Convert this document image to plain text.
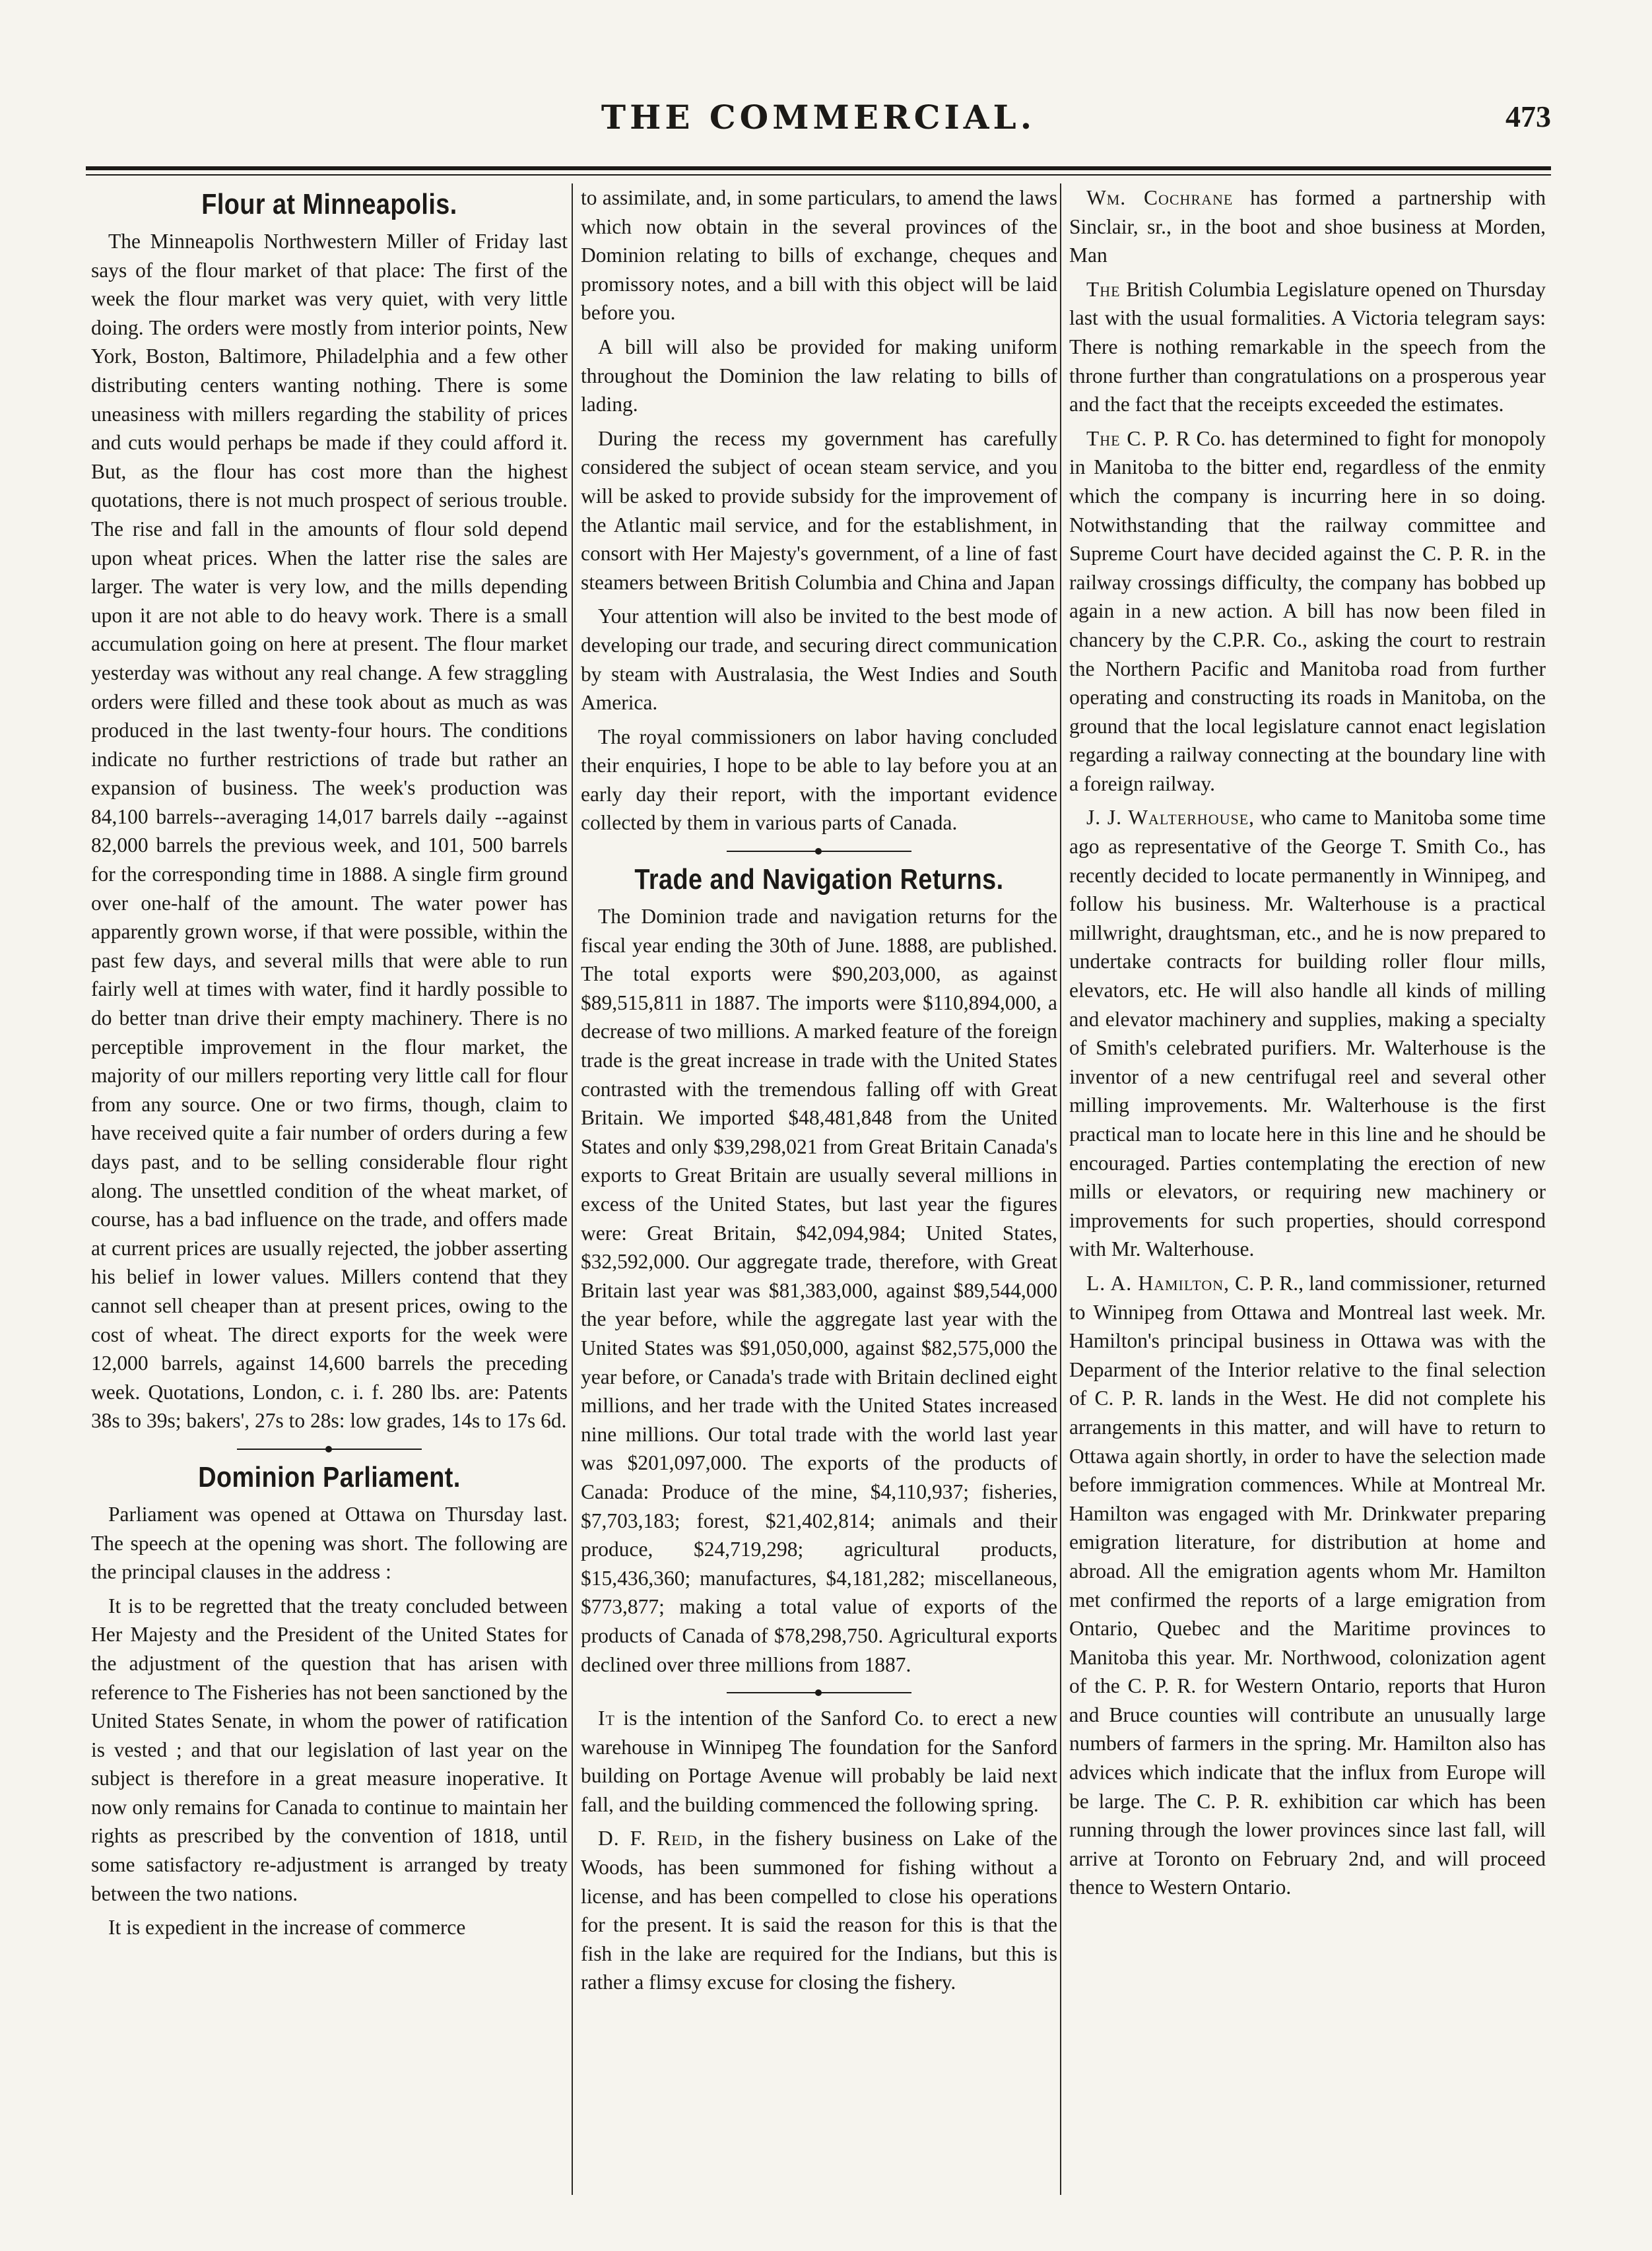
THE COMMERCIAL.	473
Flour at Minneapolis.

The Minneapolis Northwestern Miller of Friday last says of the flour market of that place: The first of the week the flour market was very quiet, with very little doing. The orders were mostly from interior points, New York, Boston, Baltimore, Philadelphia and a few other distributing centers wanting nothing. There is some uneasiness with millers regarding the stability of prices and cuts would perhaps be made if they could afford it. But, as the flour has cost more than the highest quotations, there is not much prospect of serious trouble. The rise and fall in the amounts of flour sold depend upon wheat prices. When the latter rise the sales are larger. The water is very low, and the mills depending upon it are not able to do heavy work. There is a small accumulation going on here at present. The flour market yesterday was without any real change. A few straggling orders were filled and these took about as much as was produced in the last twenty-four hours. The conditions indicate no further restrictions of trade but rather an expansion of business. The week's production was 84,100 barrels--averaging 14,017 barrels daily --against 82,000 barrels the previous week, and 101, 500 barrels for the corresponding time in 1888. A single firm ground over one-half of the amount. The water power has apparently grown worse, if that were possible, within the past few days, and several mills that were able to run fairly well at times with water, find it hardly possible to do better tnan drive their empty machinery. There is no perceptible improvement in the flour market, the majority of our millers reporting very little call for flour from any source. One or two firms, though, claim to have received quite a fair number of orders during a few days past, and to be selling considerable flour right along. The unsettled condition of the wheat market, of course, has a bad influence on the trade, and offers made at current prices are usually rejected, the jobber asserting his belief in lower values. Millers contend that they cannot sell cheaper than at present prices, owing to the cost of wheat. The direct exports for the week were 12,000 barrels, against 14,600 barrels the preceding week. Quotations, London, c. i. f. 280 lbs. are: Patents 38s to 39s; bakers', 27s to 28s: low grades, 14s to 17s 6d.

Dominion Parliament.

Parliament was opened at Ottawa on Thursday last. The speech at the opening was short. The following are the principal clauses in the address :

It is to be regretted that the treaty concluded between Her Majesty and the President of the United States for the adjustment of the question that has arisen with reference to The Fisheries has not been sanctioned by the United States Senate, in whom the power of ratification is vested ; and that our legislation of last year on the subject is therefore in a great measure inoperative. It now only remains for Canada to continue to maintain her rights as prescribed by the convention of 1818, until some satisfactory re-adjustment is arranged by treaty between the two nations.

It is expedient in the increase of commerce

to assimilate, and, in some particulars, to amend the laws which now obtain in the several provinces of the Dominion relating to bills of exchange, cheques and promissory notes, and a bill with this object will be laid before you.

A bill will also be provided for making uniform throughout the Dominion the law relating to bills of lading.

During the recess my government has carefully considered the subject of ocean steam service, and you will be asked to provide subsidy for the improvement of the Atlantic mail service, and for the establishment, in consort with Her Majesty's government, of a line of fast steamers between British Columbia and China and Japan

Your attention will also be invited to the best mode of developing our trade, and securing direct communication by steam with Australasia, the West Indies and South America.

The royal commissioners on labor having concluded their enquiries, I hope to be able to lay before you at an early day their report, with the important evidence collected by them in various parts of Canada.

Trade and Navigation Returns.

The Dominion trade and navigation returns for the fiscal year ending the 30th of June. 1888, are published. The total exports were $90,203,000, as against $89,515,811 in 1887. The imports were $110,894,000, a decrease of two millions. A marked feature of the foreign trade is the great increase in trade with the United States contrasted with the tremendous falling off with Great Britain. We imported $48,481,848 from the United States and only $39,298,021 from Great Britain Canada's exports to Great Britain are usually several millions in excess of the United States, but last year the figures were: Great Britain, $42,094,984; United States, $32,592,000. Our aggregate trade, therefore, with Great Britain last year was $81,383,000, against $89,544,000 the year before, while the aggregate last year with the United States was $91,050,000, against $82,575,000 the year before, or Canada's trade with Britain declined eight millions, and her trade with the United States increased nine millions. Our total trade with the world last year was $201,097,000. The exports of the products of Canada: Produce of the mine, $4,110,937; fisheries, $7,703,183; forest, $21,402,814; animals and their produce, $24,719,298; agricultural products, $15,436,360; manufactures, $4,181,282; miscellaneous, $773,877; making a total value of exports of the products of Canada of $78,298,750. Agricultural exports declined over three millions from 1887.

It is the intention of the Sanford Co. to erect a new warehouse in Winnipeg The foundation for the Sanford building on Portage Avenue will probably be laid next fall, and the building commenced the following spring.

D. F. Reid, in the fishery business on Lake of the Woods, has been summoned for fishing without a license, and has been compelled to close his operations for the present. It is said the reason for this is that the fish in the lake are required for the Indians, but this is rather a flimsy excuse for closing the fishery.

Wm. Cochrane has formed a partnership with Sinclair, sr., in the boot and shoe business at Morden, Man

The British Columbia Legislature opened on Thursday last with the usual formalities. A Victoria telegram says: There is nothing remarkable in the speech from the throne further than congratulations on a prosperous year and the fact that the receipts exceeded the estimates.

The C. P. R Co. has determined to fight for monopoly in Manitoba to the bitter end, regardless of the enmity which the company is incurring here in so doing. Notwithstanding that the railway committee and Supreme Court have decided against the C. P. R. in the railway crossings difficulty, the company has bobbed up again in a new action. A bill has now been filed in chancery by the C.P.R. Co., asking the court to restrain the Northern Pacific and Manitoba road from further operating and constructing its roads in Manitoba, on the ground that the local legislature cannot enact legislation regarding a railway connecting at the boundary line with a foreign railway.

J. J. Walterhouse, who came to Manitoba some time ago as representative of the George T. Smith Co., has recently decided to locate permanently in Winnipeg, and follow his business. Mr. Walterhouse is a practical millwright, draughtsman, etc., and he is now prepared to undertake contracts for building roller flour mills, elevators, etc. He will also handle all kinds of milling and elevator machinery and supplies, making a specialty of Smith's celebrated purifiers. Mr. Walterhouse is the inventor of a new centrifugal reel and several other milling improvements. Mr. Walterhouse is the first practical man to locate here in this line and he should be encouraged. Parties contemplating the erection of new mills or elevators, or requiring new machinery or improvements for such properties, should correspond with Mr. Walterhouse.

L. A. Hamilton, C. P. R., land commissioner, returned to Winnipeg from Ottawa and Montreal last week. Mr. Hamilton's principal business in Ottawa was with the Deparment of the Interior relative to the final selection of C. P. R. lands in the West. He did not complete his arrangements in this matter, and will have to return to Ottawa again shortly, in order to have the selection made before immigration commences. While at Montreal Mr. Hamilton was engaged with Mr. Drinkwater preparing emigration literature, for distribution at home and abroad. All the emigration agents whom Mr. Hamilton met confirmed the reports of a large emigration from Ontario, Quebec and the Maritime provinces to Manitoba this year. Mr. Northwood, colonization agent of the C. P. R. for Western Ontario, reports that Huron and Bruce counties will contribute an unusually large numbers of farmers in the spring. Mr. Hamilton also has advices which indicate that the influx from Europe will be large. The C. P. R. exhibition car which has been running through the lower provinces since last fall, will arrive at Toronto on February 2nd, and will proceed thence to Western Ontario.
